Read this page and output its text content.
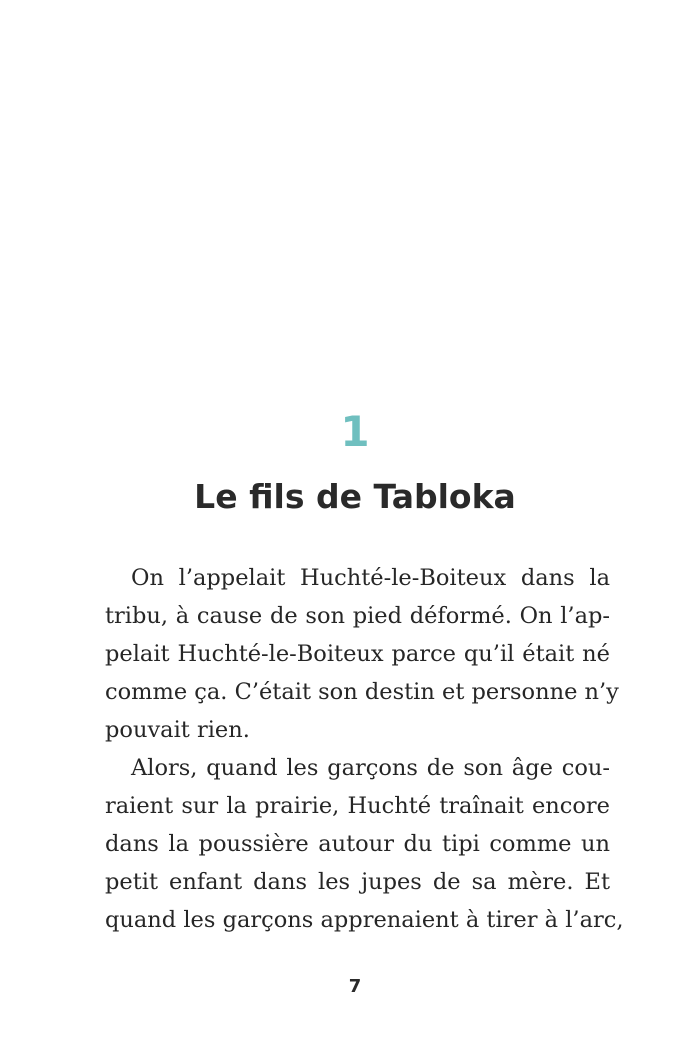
1
Le fils de Tabloka
On l’appelait Huchté-le-Boiteux dans la
tribu, à cause de son pied déformé. On l’ap-
pelait Huchté-le-Boiteux parce qu’il était né
comme ça. C’était son destin et personne n’y
pouvait rien.
Alors, quand les garçons de son âge cou-
raient sur la prairie, Huchté traînait encore
dans la poussière autour du tipi comme un
petit enfant dans les jupes de sa mère. Et
quand les garçons apprenaient à tirer à l’arc,
7
